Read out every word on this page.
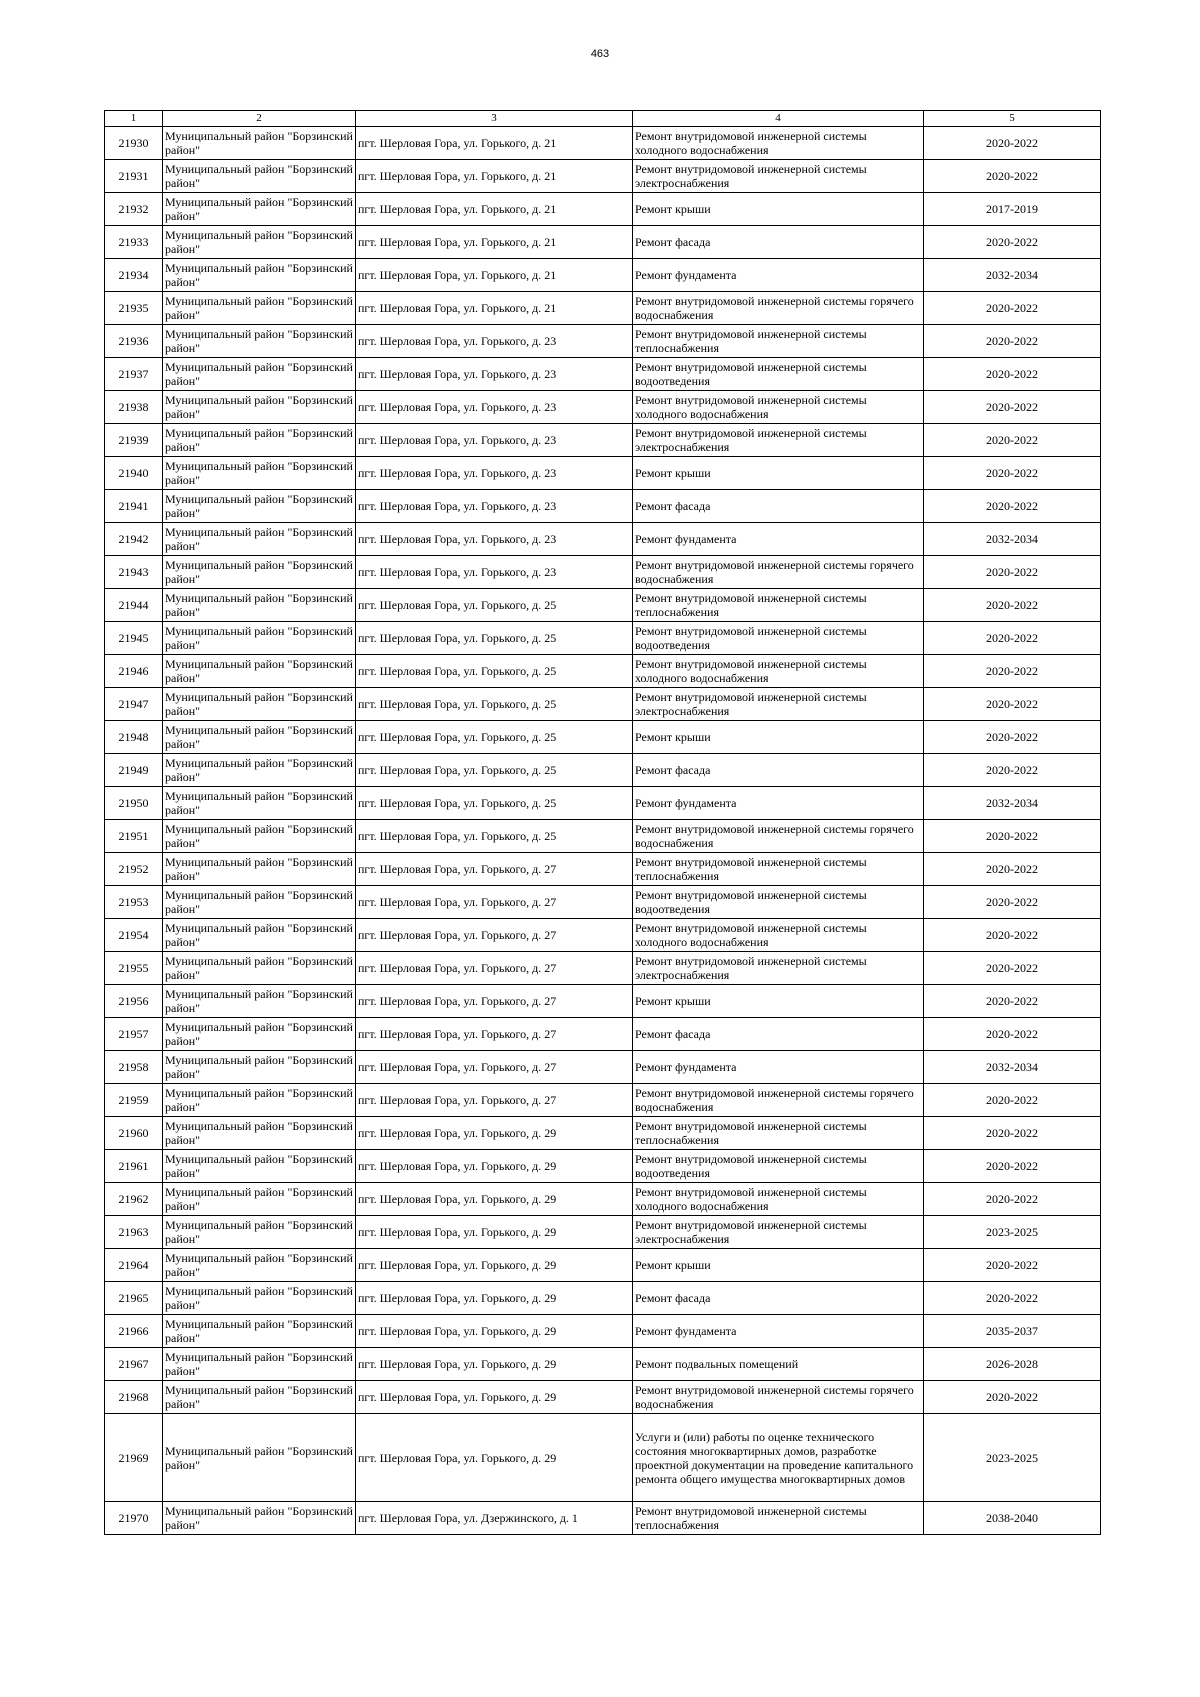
463
1	2	3	4	5
21930	Муниципальный район "Борзинский район"	пгт. Шерловая Гора, ул. Горького, д. 21	Ремонт внутридомовой инженерной системы холодного водоснабжения	2020-2022
21931	Муниципальный район "Борзинский район"	пгт. Шерловая Гора, ул. Горького, д. 21	Ремонт внутридомовой инженерной системы электроснабжения	2020-2022
21932	Муниципальный район "Борзинский район"	пгт. Шерловая Гора, ул. Горького, д. 21	Ремонт крыши	2017-2019
21933	Муниципальный район "Борзинский район"	пгт. Шерловая Гора, ул. Горького, д. 21	Ремонт фасада	2020-2022
21934	Муниципальный район "Борзинский район"	пгт. Шерловая Гора, ул. Горького, д. 21	Ремонт фундамента	2032-2034
21935	Муниципальный район "Борзинский район"	пгт. Шерловая Гора, ул. Горького, д. 21	Ремонт внутридомовой инженерной системы горячего водоснабжения	2020-2022
21936	Муниципальный район "Борзинский район"	пгт. Шерловая Гора, ул. Горького, д. 23	Ремонт внутридомовой инженерной системы теплоснабжения	2020-2022
21937	Муниципальный район "Борзинский район"	пгт. Шерловая Гора, ул. Горького, д. 23	Ремонт внутридомовой инженерной системы водоотведения	2020-2022
21938	Муниципальный район "Борзинский район"	пгт. Шерловая Гора, ул. Горького, д. 23	Ремонт внутридомовой инженерной системы холодного водоснабжения	2020-2022
21939	Муниципальный район "Борзинский район"	пгт. Шерловая Гора, ул. Горького, д. 23	Ремонт внутридомовой инженерной системы электроснабжения	2020-2022
21940	Муниципальный район "Борзинский район"	пгт. Шерловая Гора, ул. Горького, д. 23	Ремонт крыши	2020-2022
21941	Муниципальный район "Борзинский район"	пгт. Шерловая Гора, ул. Горького, д. 23	Ремонт фасада	2020-2022
21942	Муниципальный район "Борзинский район"	пгт. Шерловая Гора, ул. Горького, д. 23	Ремонт фундамента	2032-2034
21943	Муниципальный район "Борзинский район"	пгт. Шерловая Гора, ул. Горького, д. 23	Ремонт внутридомовой инженерной системы горячего водоснабжения	2020-2022
21944	Муниципальный район "Борзинский район"	пгт. Шерловая Гора, ул. Горького, д. 25	Ремонт внутридомовой инженерной системы теплоснабжения	2020-2022
21945	Муниципальный район "Борзинский район"	пгт. Шерловая Гора, ул. Горького, д. 25	Ремонт внутридомовой инженерной системы водоотведения	2020-2022
21946	Муниципальный район "Борзинский район"	пгт. Шерловая Гора, ул. Горького, д. 25	Ремонт внутридомовой инженерной системы холодного водоснабжения	2020-2022
21947	Муниципальный район "Борзинский район"	пгт. Шерловая Гора, ул. Горького, д. 25	Ремонт внутридомовой инженерной системы электроснабжения	2020-2022
21948	Муниципальный район "Борзинский район"	пгт. Шерловая Гора, ул. Горького, д. 25	Ремонт крыши	2020-2022
21949	Муниципальный район "Борзинский район"	пгт. Шерловая Гора, ул. Горького, д. 25	Ремонт фасада	2020-2022
21950	Муниципальный район "Борзинский район"	пгт. Шерловая Гора, ул. Горького, д. 25	Ремонт фундамента	2032-2034
21951	Муниципальный район "Борзинский район"	пгт. Шерловая Гора, ул. Горького, д. 25	Ремонт внутридомовой инженерной системы горячего водоснабжения	2020-2022
21952	Муниципальный район "Борзинский район"	пгт. Шерловая Гора, ул. Горького, д. 27	Ремонт внутридомовой инженерной системы теплоснабжения	2020-2022
21953	Муниципальный район "Борзинский район"	пгт. Шерловая Гора, ул. Горького, д. 27	Ремонт внутридомовой инженерной системы водоотведения	2020-2022
21954	Муниципальный район "Борзинский район"	пгт. Шерловая Гора, ул. Горького, д. 27	Ремонт внутридомовой инженерной системы холодного водоснабжения	2020-2022
21955	Муниципальный район "Борзинский район"	пгт. Шерловая Гора, ул. Горького, д. 27	Ремонт внутридомовой инженерной системы электроснабжения	2020-2022
21956	Муниципальный район "Борзинский район"	пгт. Шерловая Гора, ул. Горького, д. 27	Ремонт крыши	2020-2022
21957	Муниципальный район "Борзинский район"	пгт. Шерловая Гора, ул. Горького, д. 27	Ремонт фасада	2020-2022
21958	Муниципальный район "Борзинский район"	пгт. Шерловая Гора, ул. Горького, д. 27	Ремонт фундамента	2032-2034
21959	Муниципальный район "Борзинский район"	пгт. Шерловая Гора, ул. Горького, д. 27	Ремонт внутридомовой инженерной системы горячего водоснабжения	2020-2022
21960	Муниципальный район "Борзинский район"	пгт. Шерловая Гора, ул. Горького, д. 29	Ремонт внутридомовой инженерной системы теплоснабжения	2020-2022
21961	Муниципальный район "Борзинский район"	пгт. Шерловая Гора, ул. Горького, д. 29	Ремонт внутридомовой инженерной системы водоотведения	2020-2022
21962	Муниципальный район "Борзинский район"	пгт. Шерловая Гора, ул. Горького, д. 29	Ремонт внутридомовой инженерной системы холодного водоснабжения	2020-2022
21963	Муниципальный район "Борзинский район"	пгт. Шерловая Гора, ул. Горького, д. 29	Ремонт внутридомовой инженерной системы электроснабжения	2023-2025
21964	Муниципальный район "Борзинский район"	пгт. Шерловая Гора, ул. Горького, д. 29	Ремонт крыши	2020-2022
21965	Муниципальный район "Борзинский район"	пгт. Шерловая Гора, ул. Горького, д. 29	Ремонт фасада	2020-2022
21966	Муниципальный район "Борзинский район"	пгт. Шерловая Гора, ул. Горького, д. 29	Ремонт фундамента	2035-2037
21967	Муниципальный район "Борзинский район"	пгт. Шерловая Гора, ул. Горького, д. 29	Ремонт подвальных помещений	2026-2028
21968	Муниципальный район "Борзинский район"	пгт. Шерловая Гора, ул. Горького, д. 29	Ремонт внутридомовой инженерной системы горячего водоснабжения	2020-2022
21969	Муниципальный район "Борзинский район"	пгт. Шерловая Гора, ул. Горького, д. 29	Услуги и (или) работы по оценке технического состояния многоквартирных домов, разработке проектной документации на проведение капитального ремонта общего имущества многоквартирных домов	2023-2025
21970	Муниципальный район "Борзинский район"	пгт. Шерловая Гора, ул. Дзержинского, д. 1	Ремонт внутридомовой инженерной системы теплоснабжения	2038-2040
